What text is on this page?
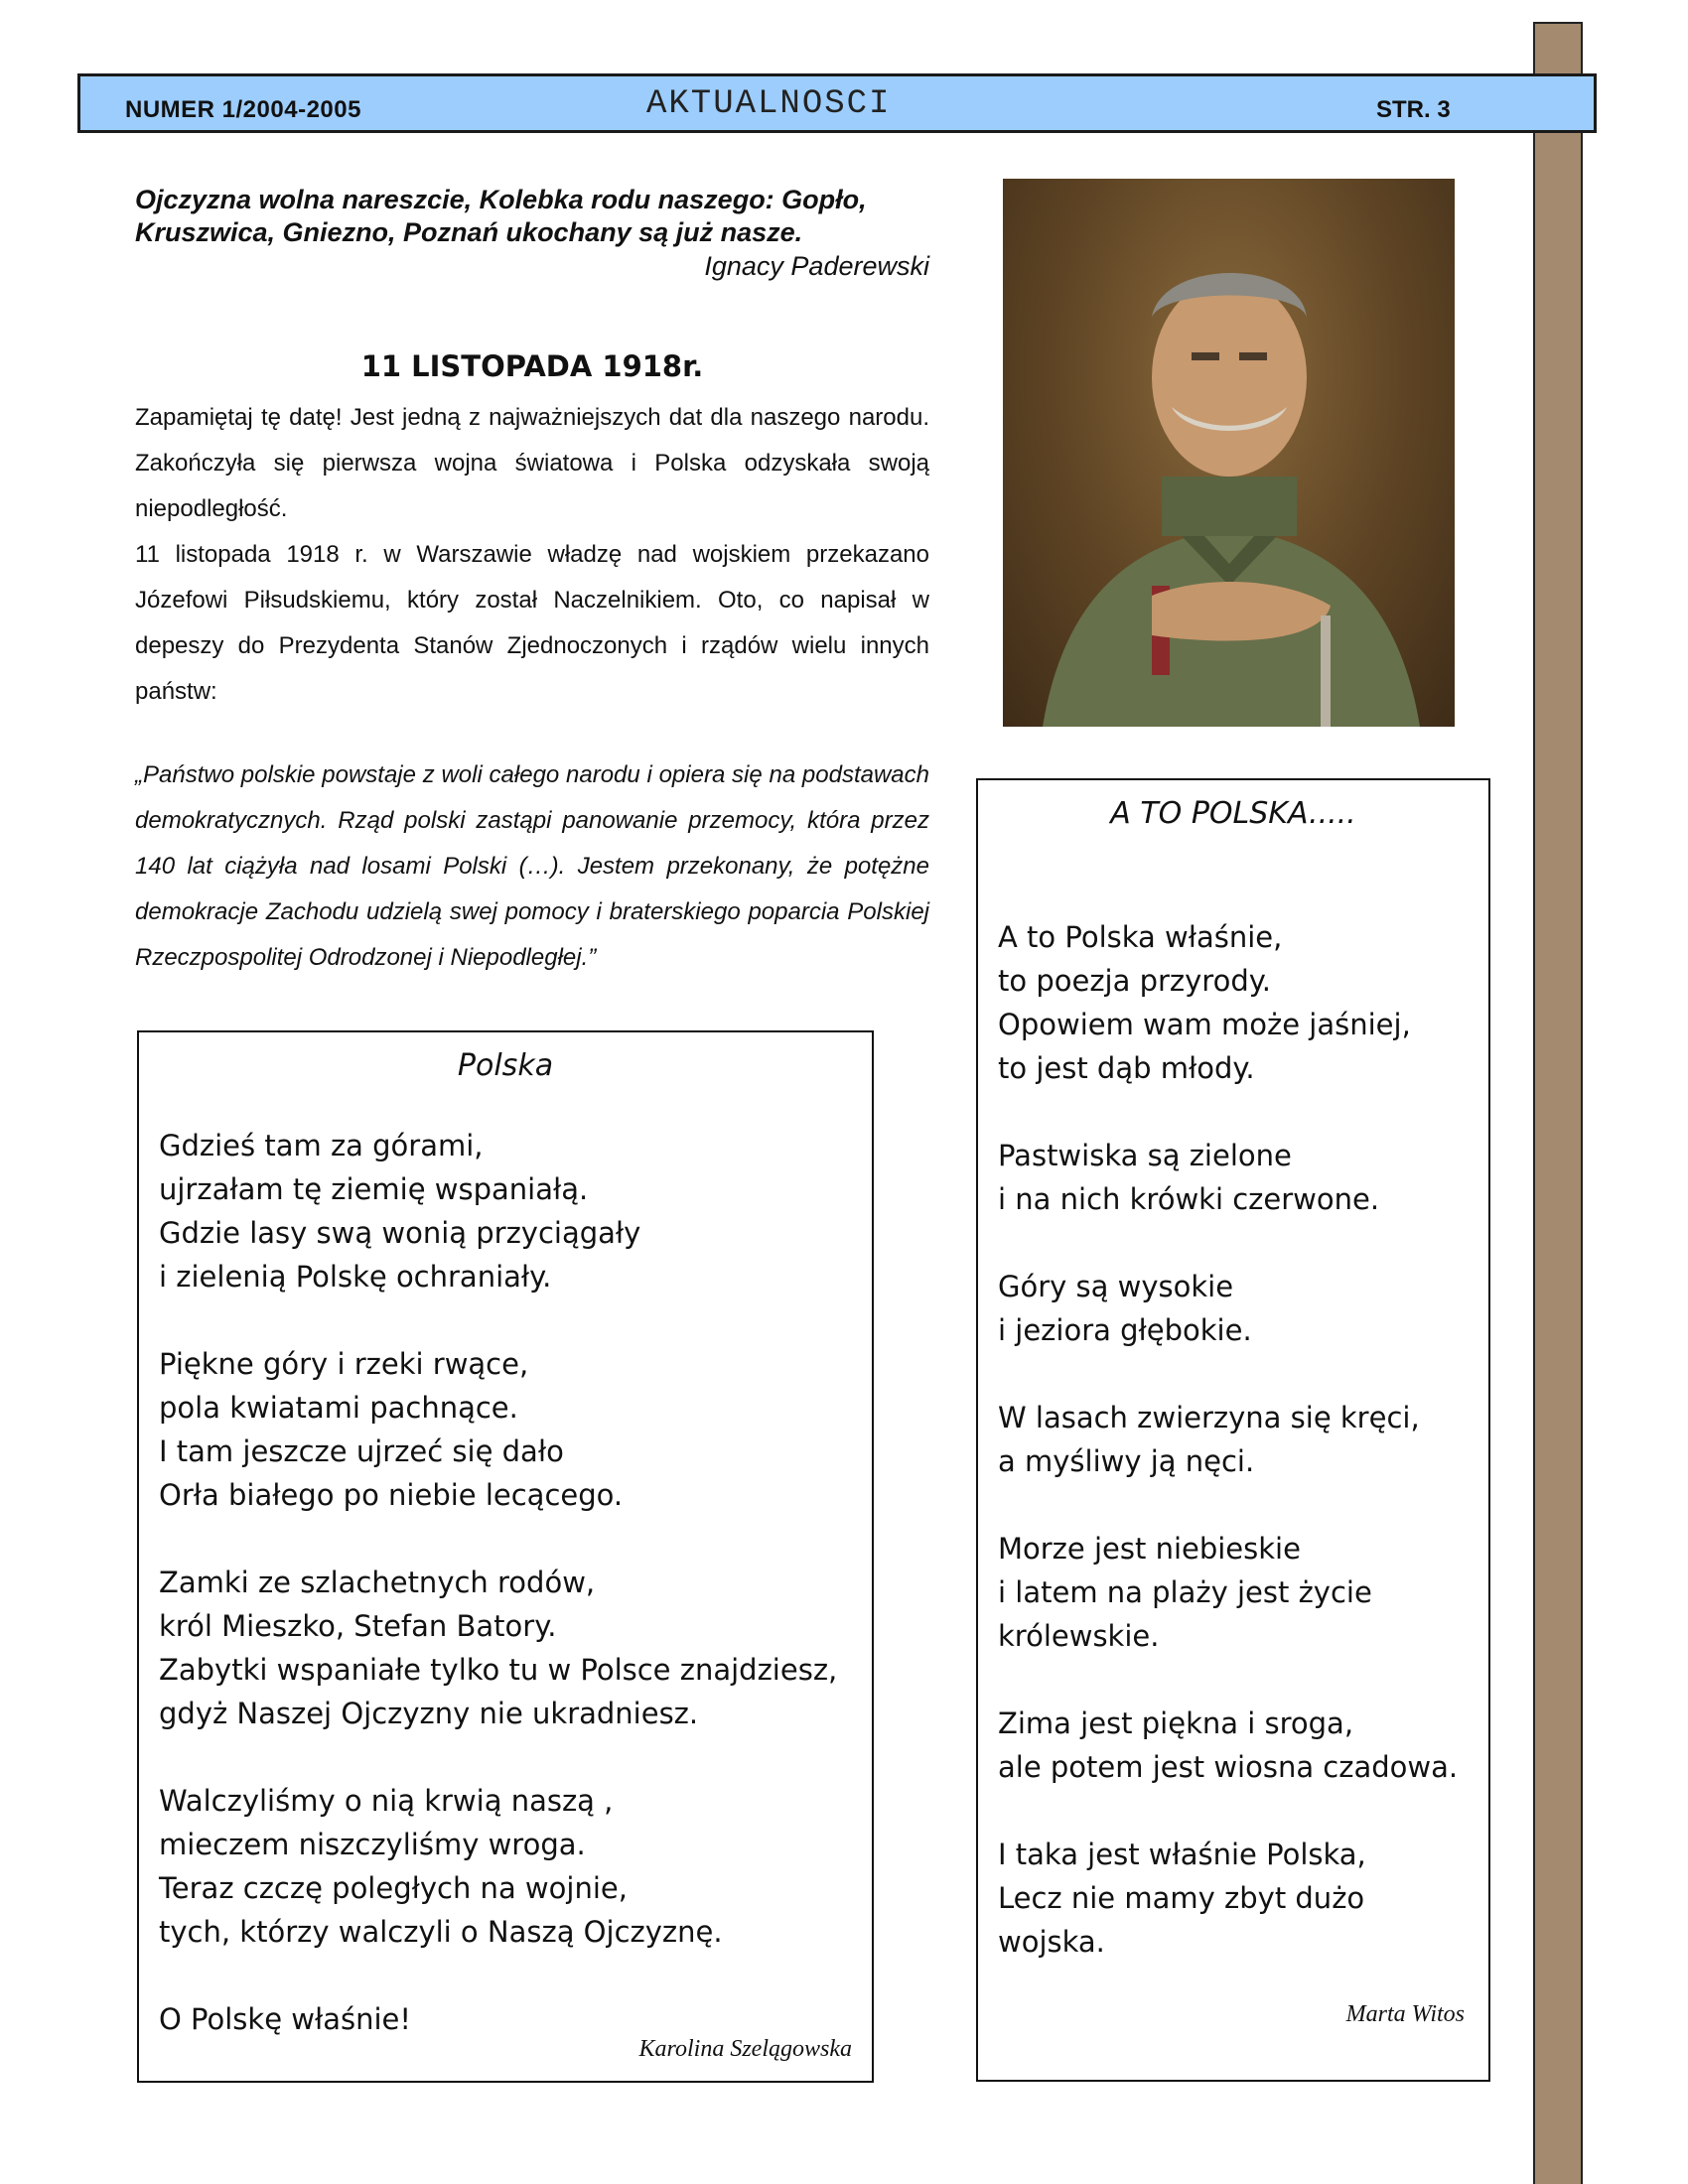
NUMER 1/2004-2005	AKTUALNOSCI	STR. 3
Ojczyzna wolna nareszcie, Kolebka rodu naszego: Gopło, Kruszwica, Gniezno, Poznań ukochany są już nasze.
Ignacy Paderewski
11 LISTOPADA 1918r.

Zapamiętaj tę datę! Jest jedną z najważniejszych dat dla naszego narodu. Zakończyła się pierwsza wojna światowa i Polska odzyskała swoją niepodległość.

11 listopada 1918 r. w Warszawie władzę nad wojskiem przekazano Józefowi Piłsudskiemu, który został Naczelnikiem. Oto, co napisał w depeszy do Prezydenta Stanów Zjednoczonych i rządów wielu innych państw:

„Państwo polskie powstaje z woli całego narodu i opiera się na podstawach demokratycznych. Rząd polski zastąpi panowanie przemocy, która przez 140 lat ciążyła nad losami Polski (…). Jestem przekonany, że potężne demokracje Zachodu udzielą swej pomocy i braterskiego poparcia Polskiej Rzeczpospolitej Odrodzonej i Niepodległej.”
Polska
Gdzieś tam za górami,
ujrzałam tę ziemię wspaniałą.
Gdzie lasy swą wonią przyciągały
i zielenią Polskę ochraniały.

Piękne góry i rzeki rwące,
pola kwiatami pachnące.
I tam jeszcze ujrzeć się dało
Orła białego po niebie lecącego.

Zamki ze szlachetnych rodów,
król Mieszko, Stefan Batory.
Zabytki wspaniałe tylko tu w Polsce znajdziesz,
gdyż Naszej Ojczyzny nie ukradniesz.

Walczyliśmy o nią krwią naszą ,
mieczem niszczyliśmy wroga.
Teraz czczę poległych na wojnie,
tych, którzy walczyli o Naszą Ojczyznę.

O Polskę właśnie!
Karolina Szelągowska
A TO POLSKA.....
A to Polska właśnie,
to poezja przyrody.
Opowiem wam może jaśniej,
to jest dąb młody.

Pastwiska są zielone
i na nich krówki czerwone.

Góry są wysokie
i jeziora głębokie.

W lasach zwierzyna się kręci,
a myśliwy ją nęci.

Morze jest niebieskie
i latem na plaży jest życie
królewskie.

Zima jest piękna i sroga,
ale potem jest wiosna czadowa.

I taka jest właśnie Polska,
Lecz nie mamy zbyt dużo
wojska.
Marta Witos
